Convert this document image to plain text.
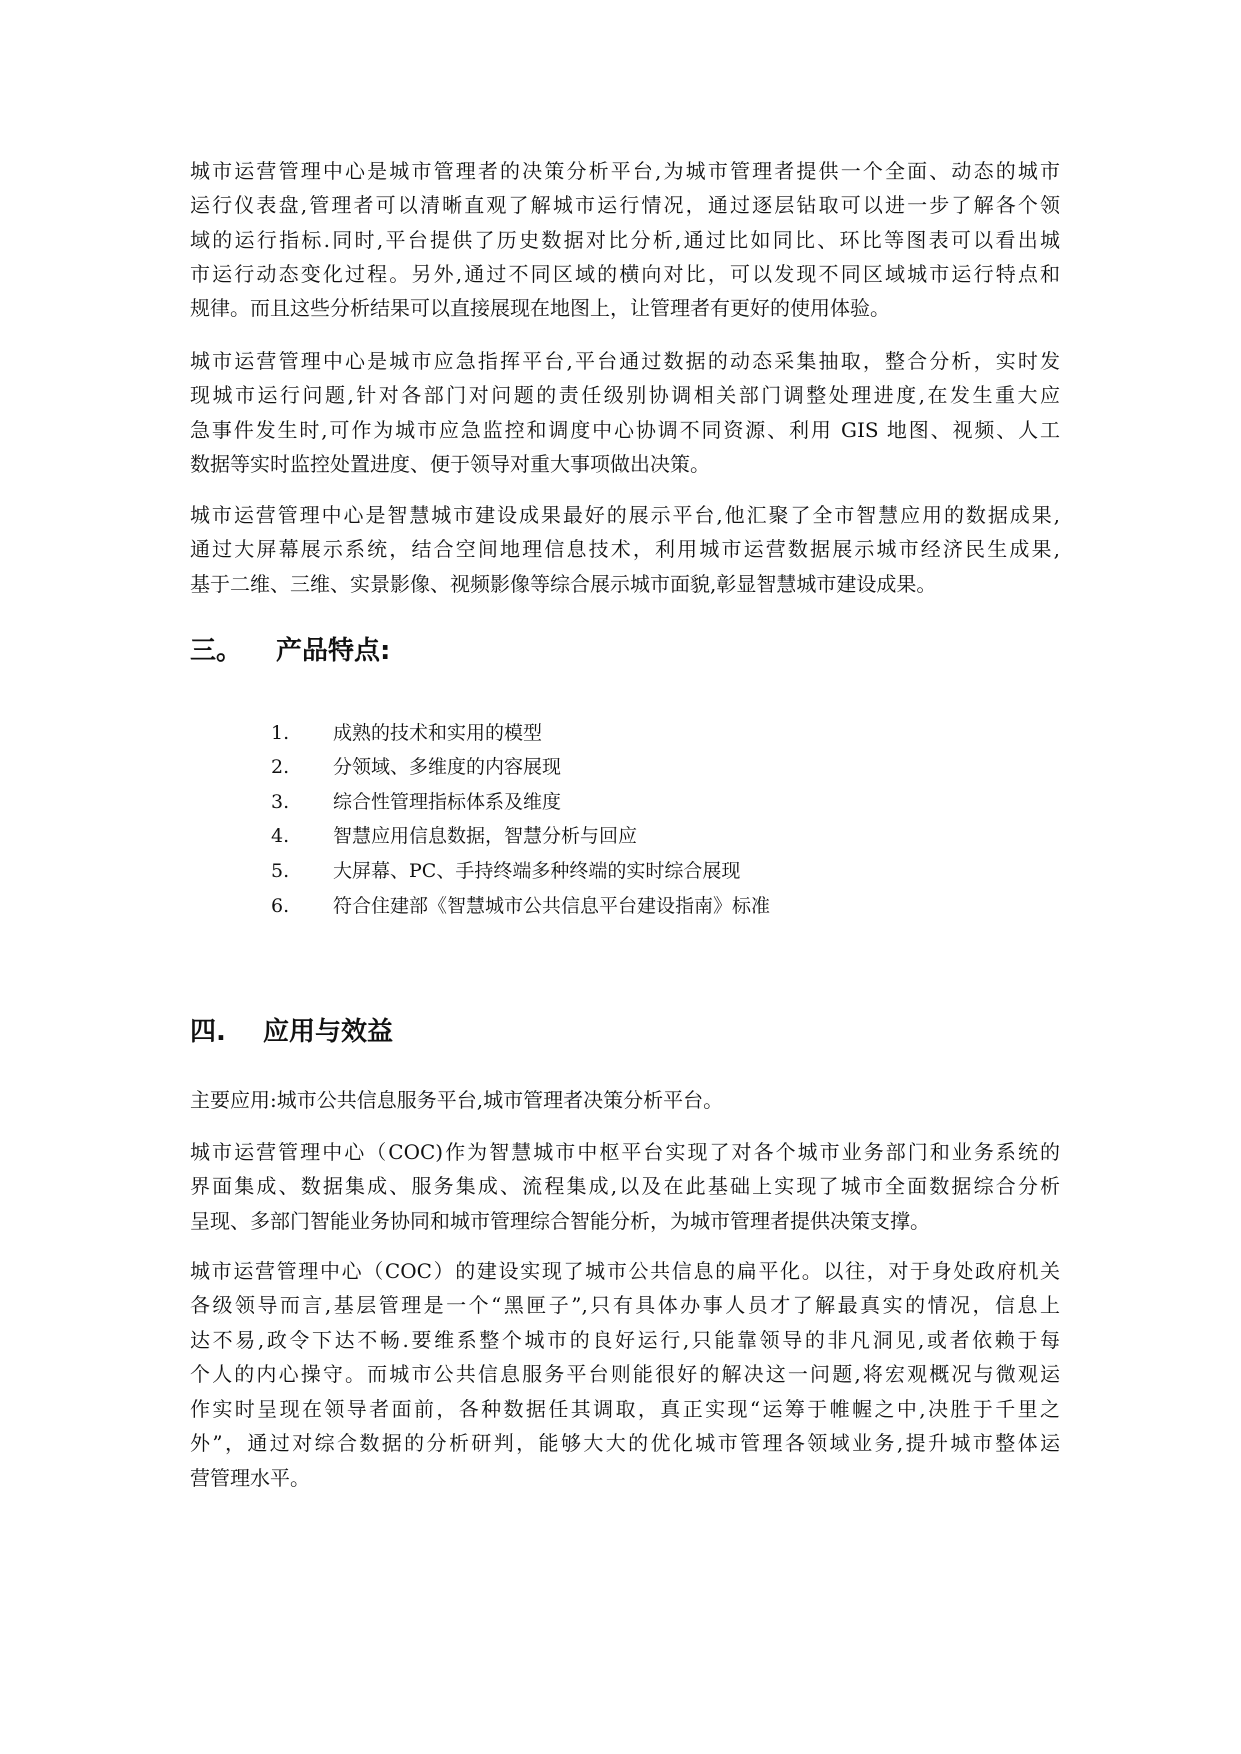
三。 产品特点:
四. 应用与效益
城市运营管理中心是城市管理者的决策分析平台,为城市管理者提供一个全面、动态的城市
运行仪表盘,管理者可以清晰直观了解城市运行情况，通过逐层钻取可以进一步了解各个领
域的运行指标.同时,平台提供了历史数据对比分析,通过比如同比、环比等图表可以看出城
市运行动态变化过程。另外,通过不同区域的横向对比，可以发现不同区域城市运行特点和
规律。而且这些分析结果可以直接展现在地图上，让管理者有更好的使用体验。
城市运营管理中心是城市应急指挥平台,平台通过数据的动态采集抽取，整合分析，实时发
现城市运行问题,针对各部门对问题的责任级别协调相关部门调整处理进度,在发生重大应
急事件发生时,可作为城市应急监控和调度中心协调不同资源、利用 GIS 地图、视频、人工
数据等实时监控处置进度、便于领导对重大事项做出决策。
城市运营管理中心是智慧城市建设成果最好的展示平台,他汇聚了全市智慧应用的数据成果,
通过大屏幕展示系统，结合空间地理信息技术，利用城市运营数据展示城市经济民生成果,
基于二维、三维、实景影像、视频影像等综合展示城市面貌,彰显智慧城市建设成果。
主要应用:城市公共信息服务平台,城市管理者决策分析平台。
城市运营管理中心（COC)作为智慧城市中枢平台实现了对各个城市业务部门和业务系统的
界面集成、数据集成、服务集成、流程集成,以及在此基础上实现了城市全面数据综合分析
呈现、多部门智能业务协同和城市管理综合智能分析，为城市管理者提供决策支撑。
城市运营管理中心（COC）的建设实现了城市公共信息的扁平化。以往，对于身处政府机关
各级领导而言,基层管理是一个“黑匣子”,只有具体办事人员才了解最真实的情况，信息上
达不易,政令下达不畅.要维系整个城市的良好运行,只能靠领导的非凡洞见,或者依赖于每
个人的内心操守。而城市公共信息服务平台则能很好的解决这一问题,将宏观概况与微观运
作实时呈现在领导者面前，各种数据任其调取，真正实现“运筹于帷幄之中,决胜于千里之
外”，通过对综合数据的分析研判，能够大大的优化城市管理各领域业务,提升城市整体运
营管理水平。
1. 成熟的技术和实用的模型
2. 分领域、多维度的内容展现
3. 综合性管理指标体系及维度
4. 智慧应用信息数据，智慧分析与回应
5. 大屏幕、PC、手持终端多种终端的实时综合展现
6. 符合住建部《智慧城市公共信息平台建设指南》标准
